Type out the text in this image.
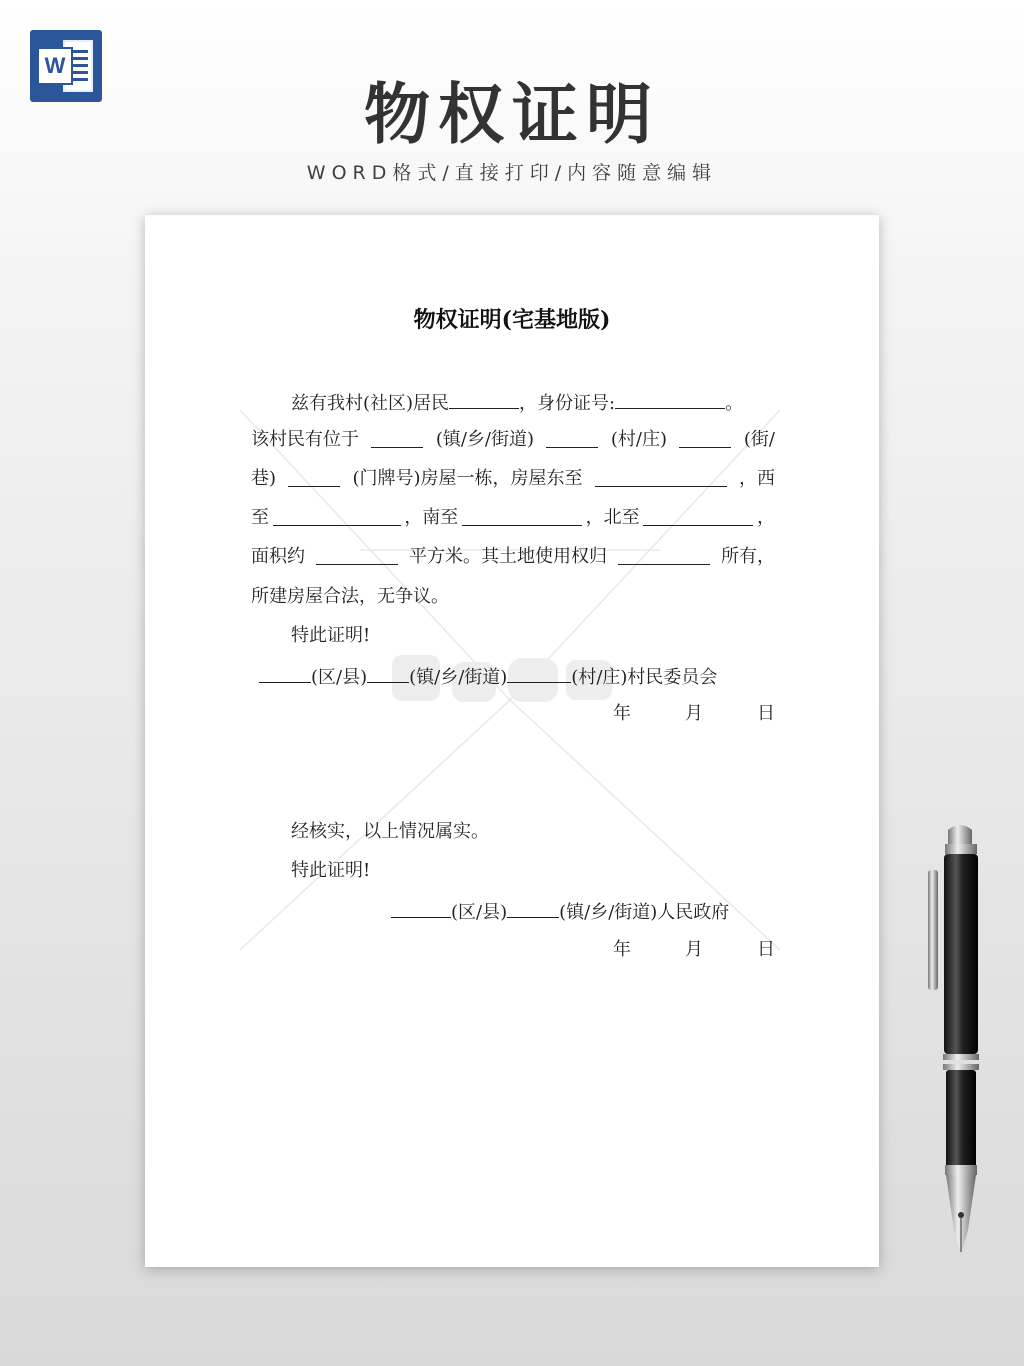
W
物权证明
WORD格式/直接打印/内容随意编辑
物权证明(宅基地版)
兹有我村(社区)居民	，身份证号:	。
该村民有位于	(镇/乡/街道)	(村/庄)	(街/
巷)	(门牌号)房屋一栋，房屋东至	，西
至	，南至	，北至	，
面积约	平方米。其土地使用权归	所有，
所建房屋合法，无争议。
特此证明!
(区/县) (镇/乡/街道)	(村/庄)村民委员会
年	月	日
经核实，以上情况属实。
特此证明!
(区/县)	(镇/乡/街道)人民政府
年	月	日
